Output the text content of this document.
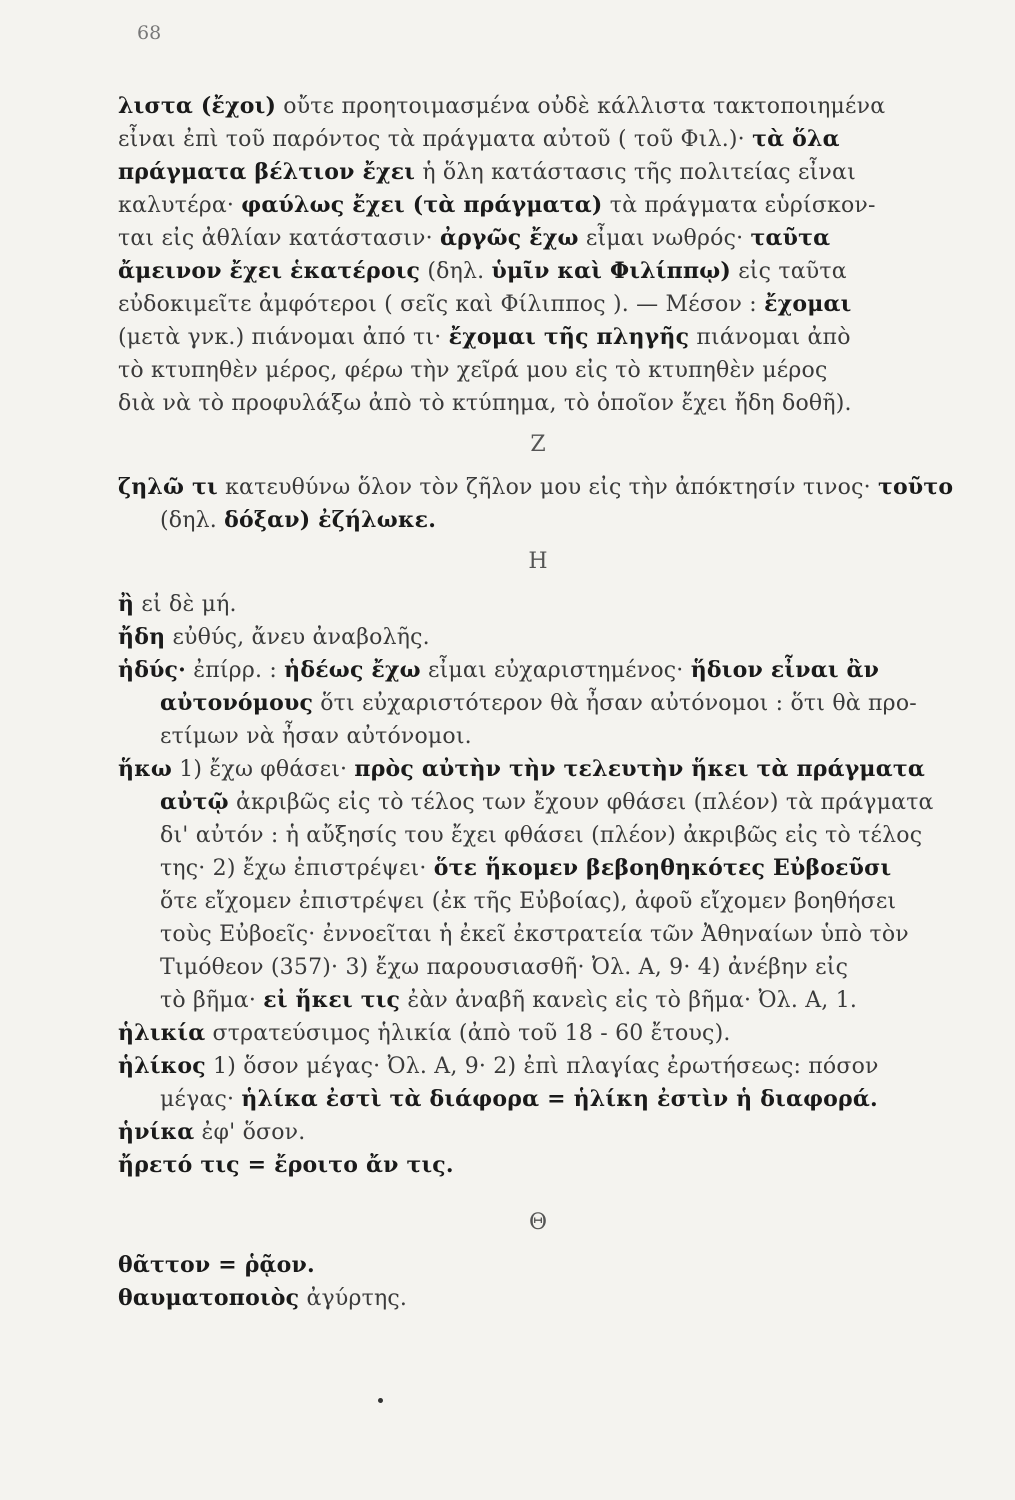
68
λιστα (ἔχοι) οὔτε προητοιμασμένα οὐδὲ κάλλιστα τακτοποιημένα
εἶναι ἐπὶ τοῦ παρόντος τὰ πράγματα αὐτοῦ ( τοῦ Φιλ.)· τὰ ὅλα
πράγματα βέλτιον ἔχει ἡ ὅλη κατάστασις τῆς πολιτείας εἶναι
καλυτέρα· φαύλως ἔχει (τὰ πράγματα) τὰ πράγματα εὑρίσκον-
ται εἰς ἀθλίαν κατάστασιν· ἀργῶς ἔχω εἶμαι νωθρός· ταῦτα
ἄμεινον ἔχει ἑκατέροις (δηλ. ὑμῖν καὶ Φιλίππῳ) εἰς ταῦτα
εὐδοκιμεῖτε ἀμφότεροι ( σεῖς καὶ Φίλιππος ). — Μέσον : ἔχομαι
(μετὰ γνκ.) πιάνομαι ἀπό τι· ἔχομαι τῆς πληγῆς πιάνομαι ἀπὸ
τὸ κτυπηθὲν μέρος, φέρω τὴν χεῖρά μου εἰς τὸ κτυπηθὲν μέρος
διὰ νὰ τὸ προφυλάξω ἀπὸ τὸ κτύπημα, τὸ ὁποῖον ἔχει ἤδη δοθῆ).
Ζ
ζηλῶ τι κατευθύνω ὅλον τὸν ζῆλον μου εἰς τὴν ἀπόκτησίν τινος· τοῦτο
(δηλ. δόξαν) ἐζήλωκε.
Η
ἢ εἰ δὲ μή.
ἤδη εὐθύς, ἄνευ ἀναβολῆς.
ἡδύς· ἐπίρρ. : ἡδέως ἔχω εἶμαι εὐχαριστημένος· ἥδιον εἶναι ἂν
αὐτονόμους ὅτι εὐχαριστότερον θὰ ἦσαν αὐτόνομοι : ὅτι θὰ προ-
ετίμων νὰ ἦσαν αὐτόνομοι.
ἥκω 1) ἔχω φθάσει· πρὸς αὐτὴν τὴν τελευτὴν ἥκει τὰ πράγματα
αὐτῷ ἀκριβῶς εἰς τὸ τέλος των ἔχουν φθάσει (πλέον) τὰ πράγματα
δι' αὐτόν : ἡ αὔξησίς του ἔχει φθάσει (πλέον) ἀκριβῶς εἰς τὸ τέλος
της· 2) ἔχω ἐπιστρέψει· ὅτε ἥκομεν βεβοηθηκότες Εὐβοεῦσι
ὅτε εἴχομεν ἐπιστρέψει (ἐκ τῆς Εὐβοίας), ἀφοῦ εἴχομεν βοηθήσει
τοὺς Εὐβοεῖς· ἐννοεῖται ἡ ἐκεῖ ἐκστρατεία τῶν Ἀθηναίων ὑπὸ τὸν
Τιμόθεον (357)· 3) ἔχω παρουσιασθῆ· Ὀλ. Α, 9· 4) ἀνέβην εἰς
τὸ βῆμα· εἰ ἥκει τις ἐὰν ἀναβῆ κανεὶς εἰς τὸ βῆμα· Ὀλ. Α, 1.
ἡλικία στρατεύσιμος ἡλικία (ἀπὸ τοῦ 18 - 60 ἔτους).
ἡλίκος 1) ὅσον μέγας· Ὀλ. Α, 9· 2) ἐπὶ πλαγίας ἐρωτήσεως: πόσον
μέγας· ἡλίκα ἐστὶ τὰ διάφορα = ἡλίκη ἐστὶν ἡ διαφορά.
ἡνίκα ἐφ' ὅσον.
ἤρετό τις = ἔροιτο ἄν τις.
Θ
θᾶττον = ῥᾷον.
θαυματοποιὸς ἀγύρτης.
